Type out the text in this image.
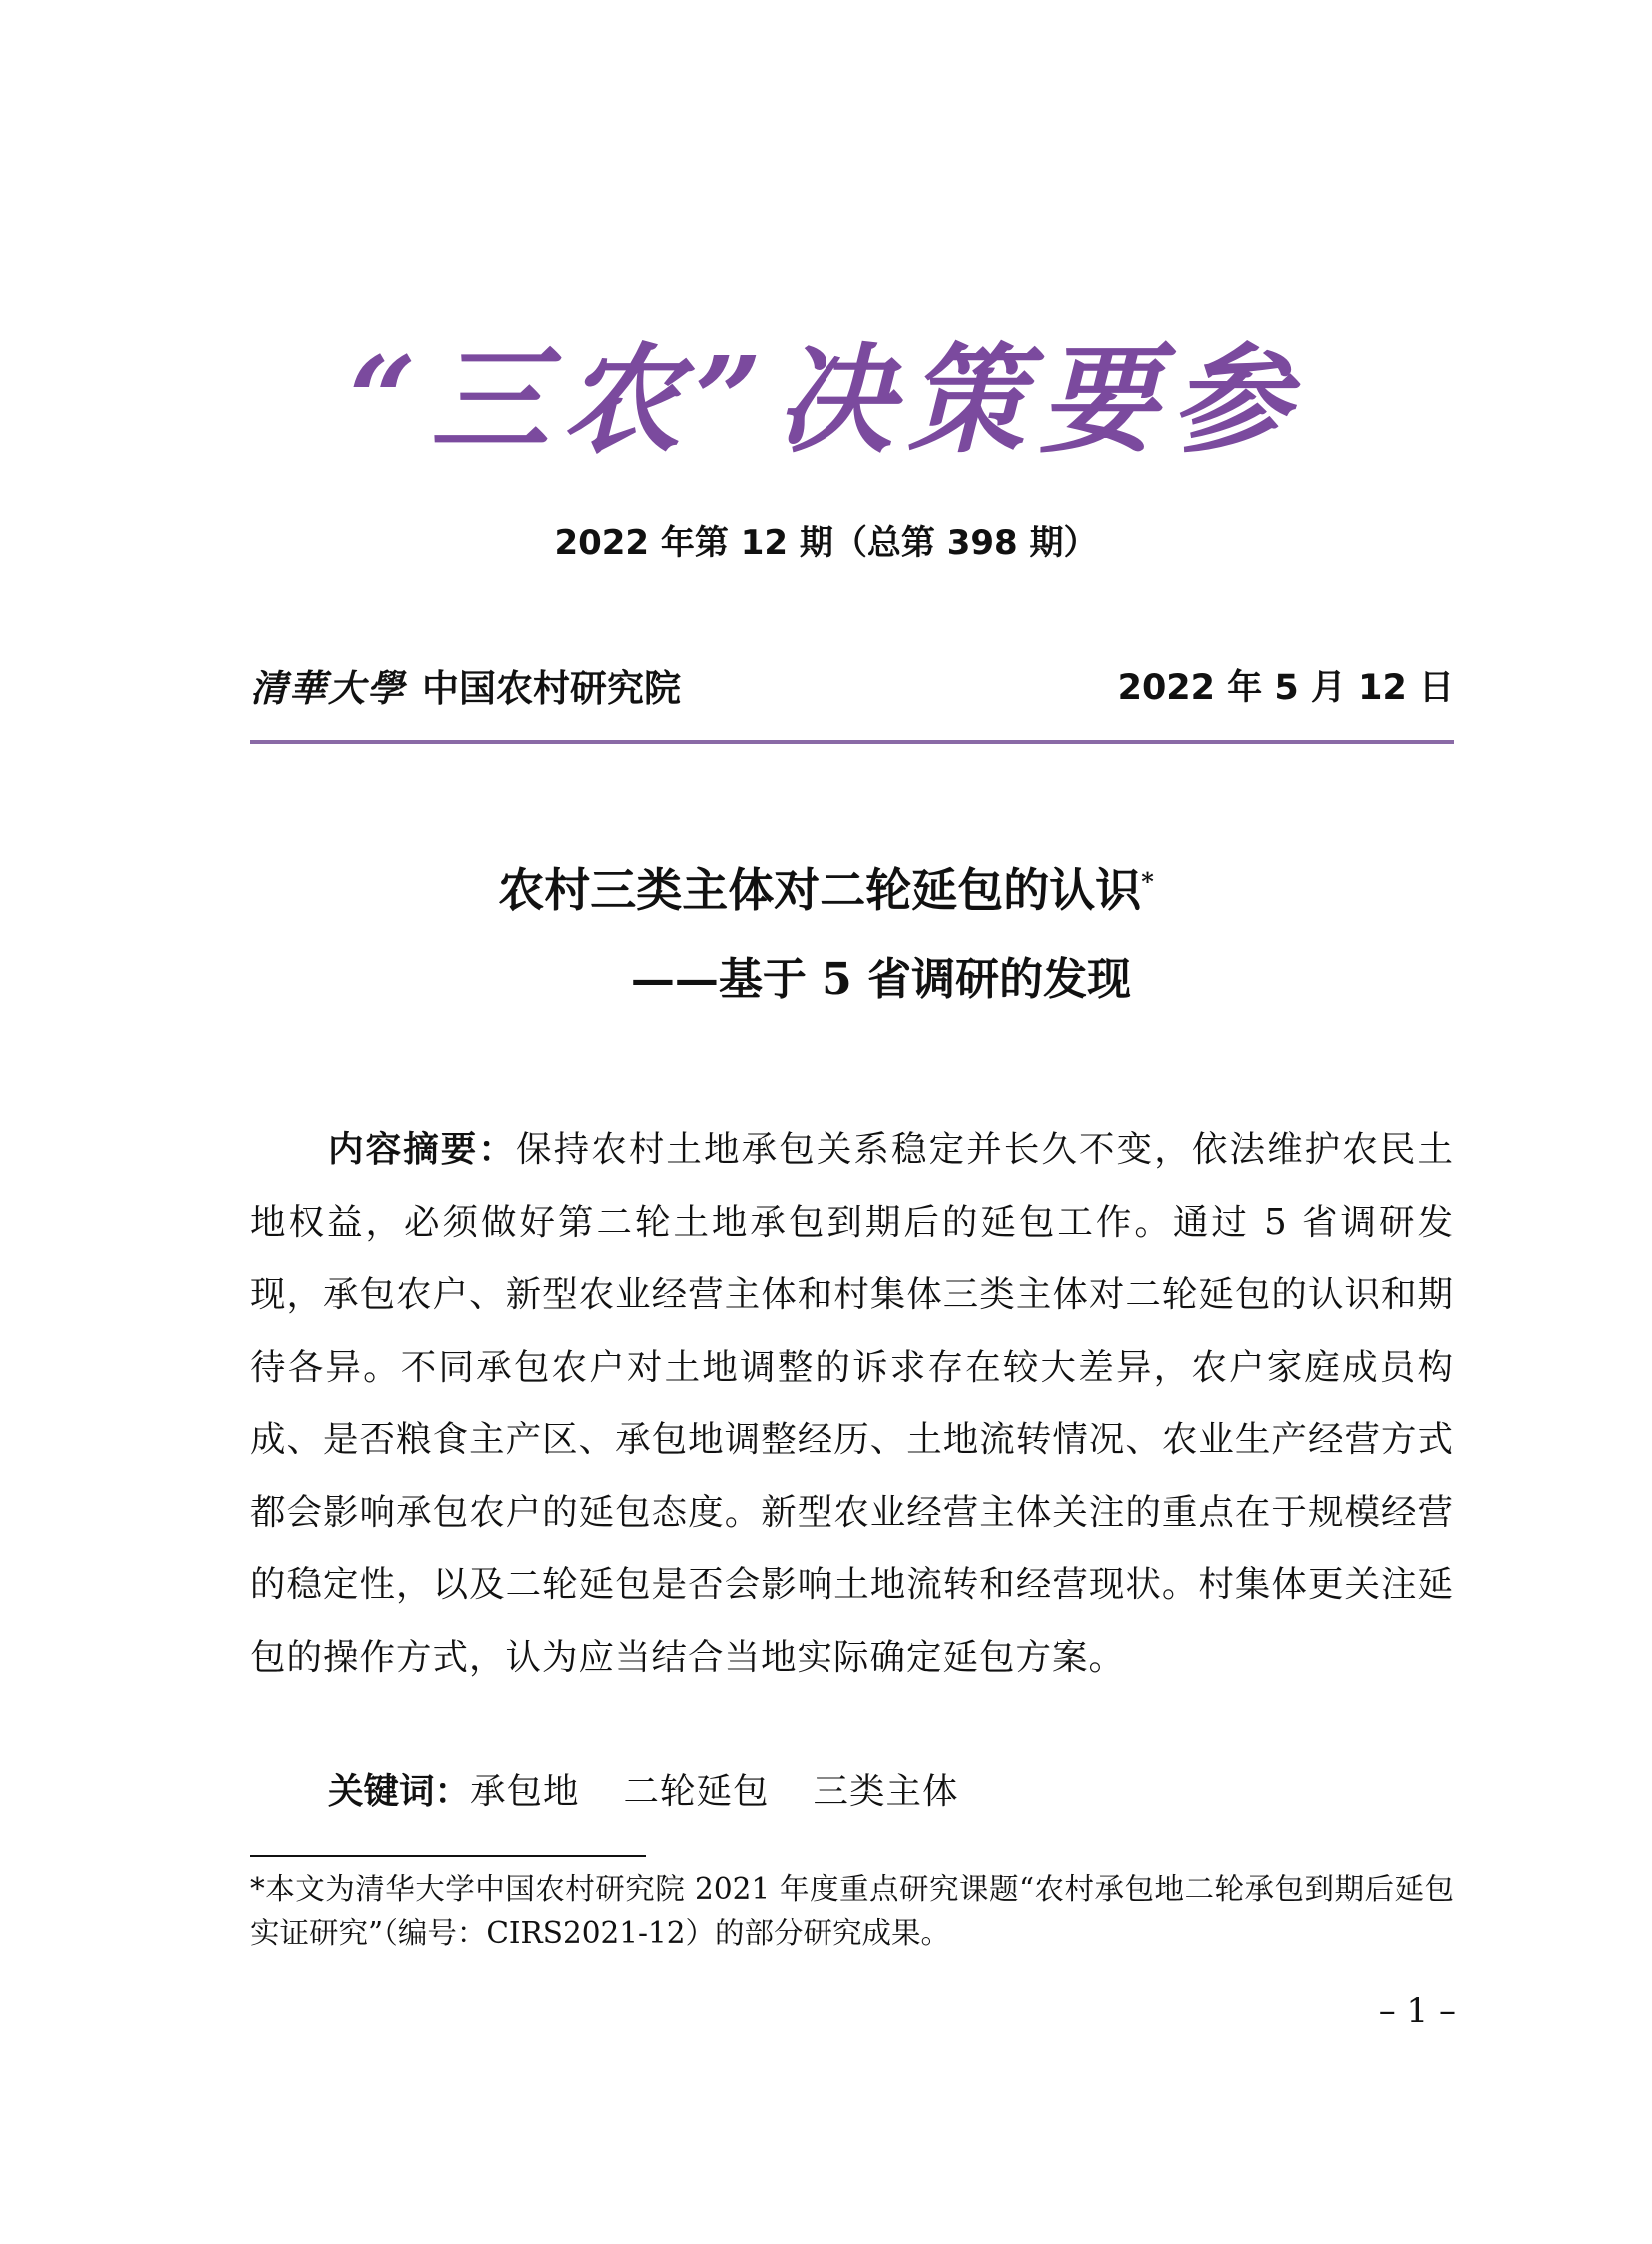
“三农”决策要参
2022 年第 12 期（总第 398 期）
清華大學 中国农村研究院	2022 年 5 月 12 日
农村三类主体对二轮延包的认识*
——基于 5 省调研的发现
内容摘要：保持农村土地承包关系稳定并长久不变，依法维护农民土地权益，必须做好第二轮土地承包到期后的延包工作。通过 5 省调研发现，承包农户、新型农业经营主体和村集体三类主体对二轮延包的认识和期待各异。不同承包农户对土地调整的诉求存在较大差异，农户家庭成员构成、是否粮食主产区、承包地调整经历、土地流转情况、农业生产经营方式都会影响承包农户的延包态度。新型农业经营主体关注的重点在于规模经营的稳定性，以及二轮延包是否会影响土地流转和经营现状。村集体更关注延包的操作方式，认为应当结合当地实际确定延包方案。
关键词：承包地 二轮延包 三类主体
*本文为清华大学中国农村研究院 2021 年度重点研究课题“农村承包地二轮承包到期后延包实证研究”（编号：CIRS2021-12）的部分研究成果。
– 1 –
